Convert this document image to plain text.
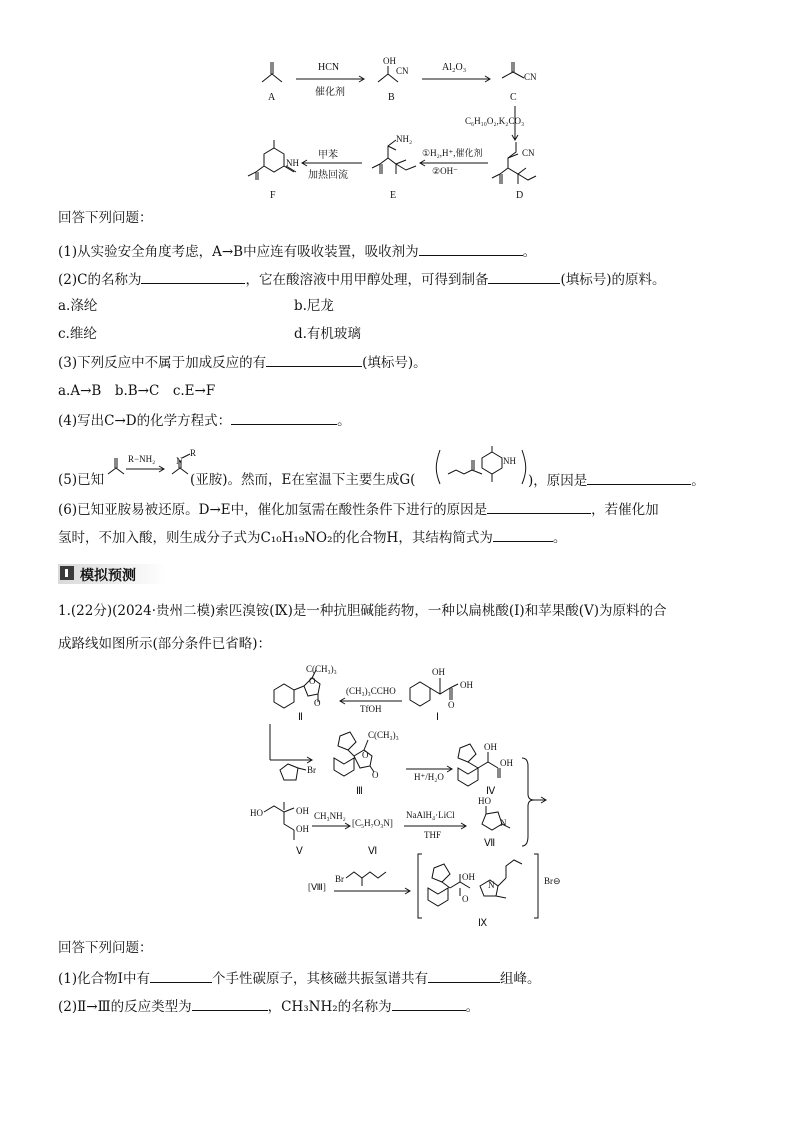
A
HCN
催化剂
OH
CN
B
Al₂O₃
CN
C
C₆H₁₀O₂,K₂CO₃
CN
D
①H₂,H⁺,催化剂
②OH⁻
NH₂
E
甲苯
加热回流
NH
F
回答下列问题：
(1)从实验安全角度考虑，A→B中应连有吸收装置，吸收剂为	。
(2)C的名称为	，它在酸溶液中用甲醇处理，可得到制备	(填标号)的原料。
a.涤纶	b.尼龙
c.维纶	d.有机玻璃
(3)下列反应中不属于加成反应的有	(填标号)。
a.A→B　b.B→C　c.E→F
(4)写出C→D的化学方程式：	。
(5)已知
R−NH₂ N
R
(亚胺)。然而，E在室温下主要生成G(
NH
)，原因是	。
(6)已知亚胺易被还原。D→E中，催化加氢需在酸性条件下进行的原因是	，若催化加
氢时，不加入酸，则生成分子式为C₁₀H₁₉NO₂的化合物H，其结构简式为	。
模拟预测
1.(22分)(2024·贵州二模)索匹溴铵(Ⅸ)是一种抗胆碱能药物，一种以扁桃酸(Ⅰ)和苹果酸(Ⅴ)为原料的合
成路线如图所示(部分条件已省略)：
C(CH₃)₃
O
O
Ⅱ
(CH₃)₃CCHO
TfOH
OH
OH
O
Ⅰ
Br
C(CH₃)₃
O
O
Ⅲ
H⁺/H₂O
OH
OH
Ⅳ
HO	OH
OH
Ⅴ
CH₃NH₂
[C₅H₇O₃N]
Ⅵ
NaAlH₄·LiCl
THF
HO
N
Ⅶ
[Ⅷ]
Br	OH
O
N	Br⊖
Ⅸ
回答下列问题：
(1)化合物Ⅰ中有	个手性碳原子，其核磁共振氢谱共有	组峰。
(2)Ⅱ→Ⅲ的反应类型为	，CH₃NH₂的名称为	。
